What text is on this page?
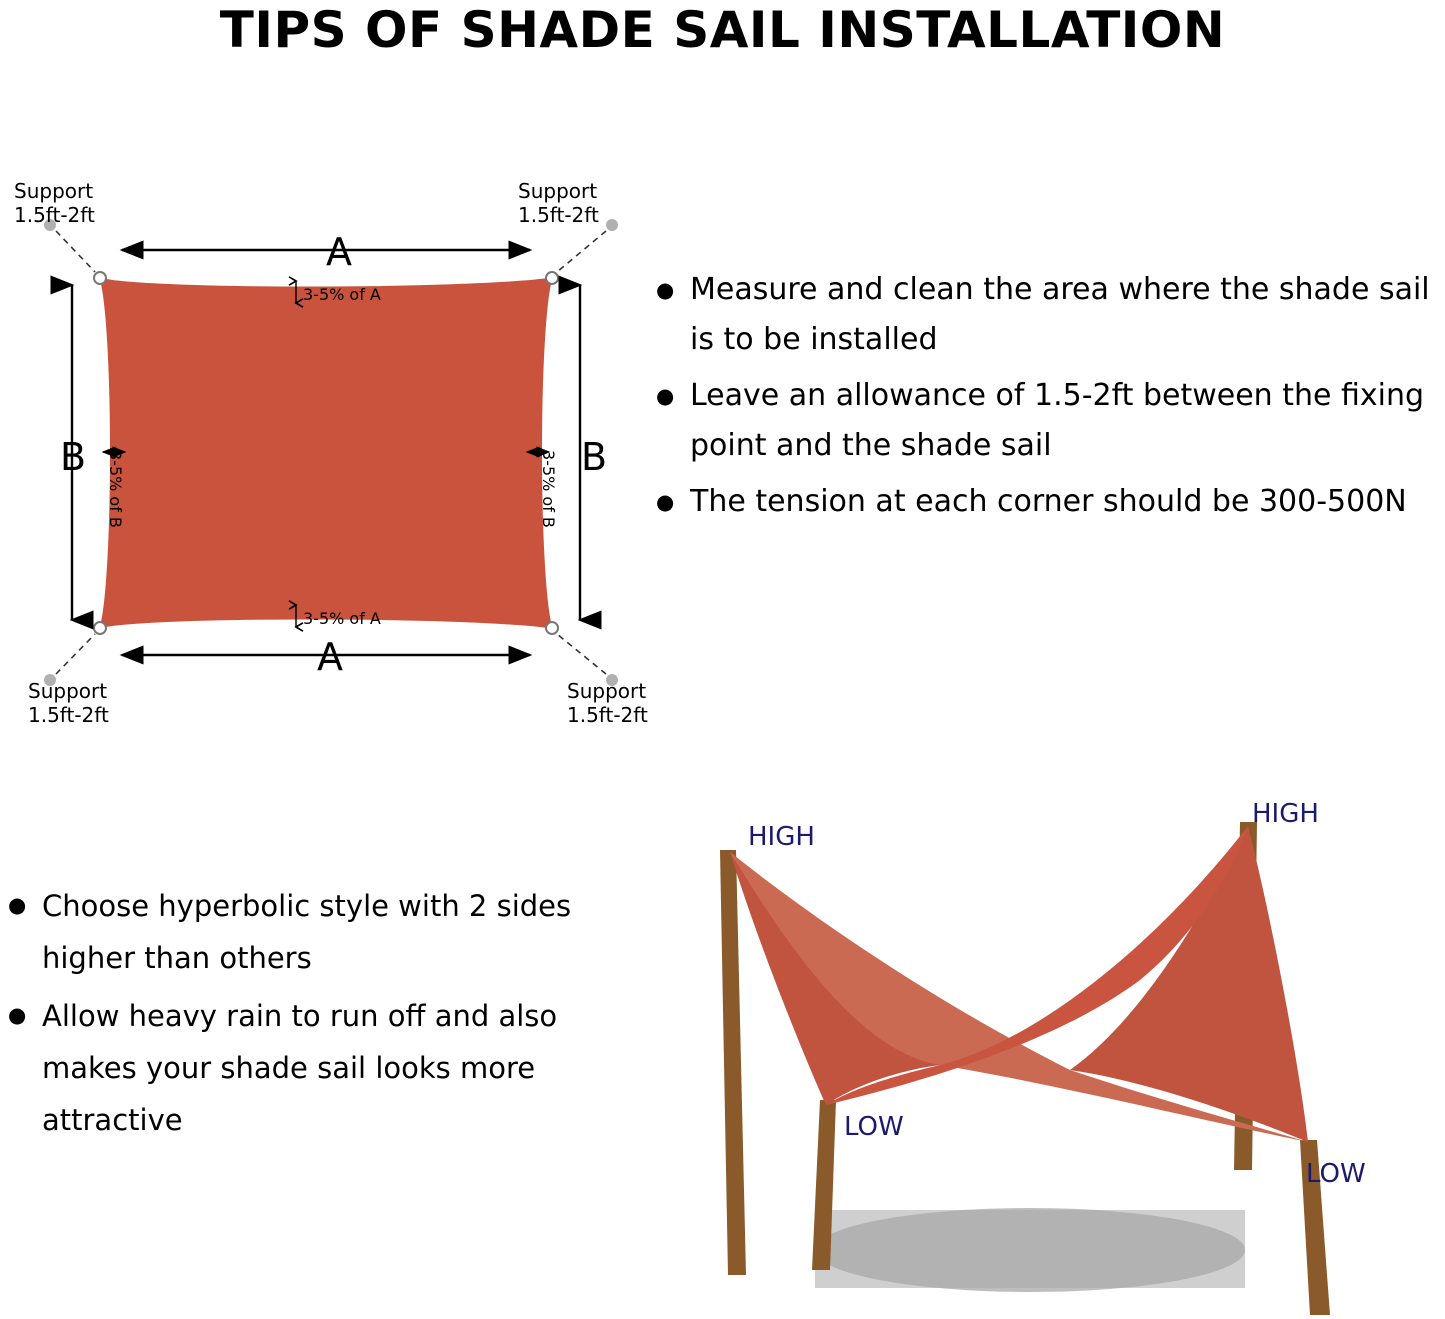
TIPS OF SHADE SAIL INSTALLATION
A
A
B	B
3-5% of A
3-5% of A
3-5% of B	3-5% of B
Support
1.5ft-2ft
Support
1.5ft-2ft
Support
1.5ft-2ft
Support
1.5ft-2ft
● Measure and clean the area where the shade sail is to be installed
● Leave an allowance of 1.5-2ft between the fixing point and the shade sail
● The tension at each corner should be 300-500N
● Choose hyperbolic style with 2 sides higher than others
● Allow heavy rain to run off and also makes your shade sail looks more attractive
HIGH
HIGH
LOW
LOW
